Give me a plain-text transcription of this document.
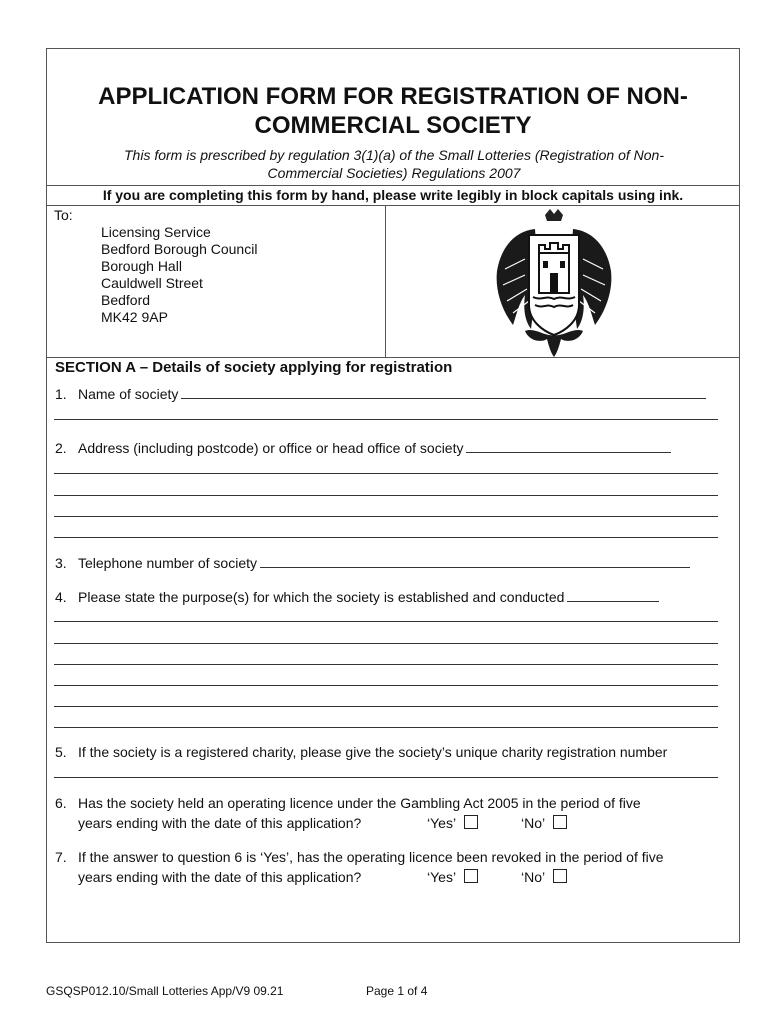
APPLICATION FORM FOR REGISTRATION OF NON-
COMMERCIAL SOCIETY
This form is prescribed by regulation 3(1)(a) of the Small Lotteries (Registration of Non-
Commercial Societies) Regulations 2007
If you are completing this form by hand, please write legibly in block capitals using ink.
To:
Licensing Service
Bedford Borough Council
Borough Hall
Cauldwell Street
Bedford
MK42 9AP
SECTION A – Details of society applying for registration
1. Name of society
2. Address (including postcode) or office or head office of society
3. Telephone number of society
4. Please state the purpose(s) for which the society is established and conducted
5. If the society is a registered charity, please give the society’s unique charity registration number
6. Has the society held an operating licence under the Gambling Act 2005 in the period of five
years ending with the date of this application?	‘Yes’	‘No’
7. If the answer to question 6 is ‘Yes’, has the operating licence been revoked in the period of five
years ending with the date of this application?	‘Yes’	‘No’
GSQSP012.10/Small Lotteries App/V9 09.21	Page 1 of 4
